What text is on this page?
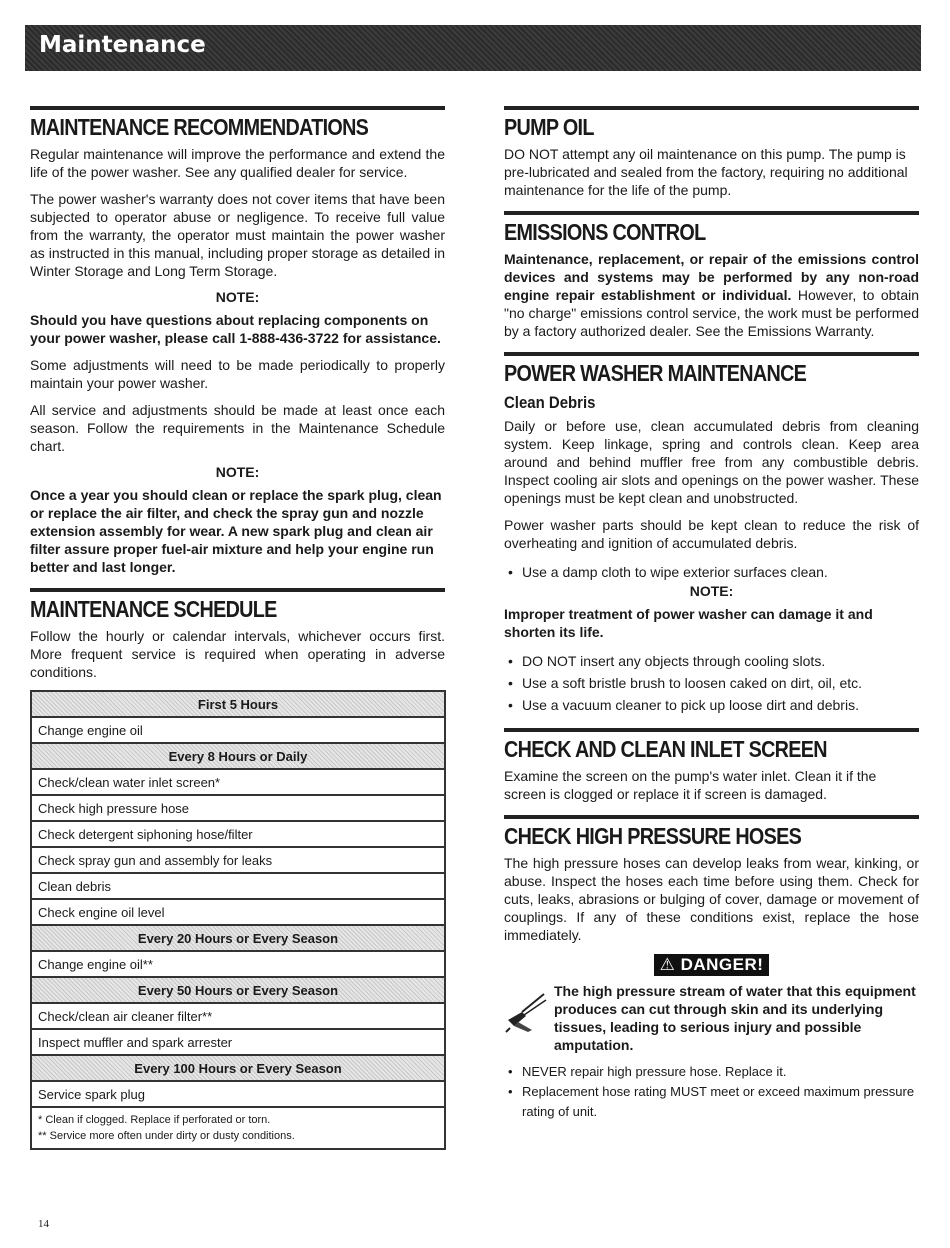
Maintenance
MAINTENANCE RECOMMENDATIONS

Regular maintenance will improve the performance and extend the life of the power washer. See any qualified dealer for service.

The power washer's warranty does not cover items that have been subjected to operator abuse or negligence. To receive full value from the warranty, the operator must maintain the power washer as instructed in this manual, including proper storage as detailed in Winter Storage and Long Term Storage.

NOTE:

Should you have questions about replacing components on your power washer, please call 1-888-436-3722 for assistance.

Some adjustments will need to be made periodically to properly maintain your power washer.

All service and adjustments should be made at least once each season. Follow the requirements in the Maintenance Schedule chart.

NOTE:

Once a year you should clean or replace the spark plug, clean or replace the air filter, and check the spray gun and nozzle extension assembly for wear. A new spark plug and clean air filter assure proper fuel-air mixture and help your engine run better and last longer.

MAINTENANCE SCHEDULE

Follow the hourly or calendar intervals, whichever occurs first. More frequent service is required when operating in adverse conditions.

First 5 Hours
Change engine oil
Every 8 Hours or Daily
Check/clean water inlet screen*
Check high pressure hose
Check detergent siphoning hose/filter
Check spray gun and assembly for leaks
Clean debris
Check engine oil level
Every 20 Hours or Every Season
Change engine oil**
Every 50 Hours or Every Season
Check/clean air cleaner filter**
Inspect muffler and spark arrester
Every 100 Hours or Every Season
Service spark plug

* Clean if clogged. Replace if perforated or torn.
** Service more often under dirty or dusty conditions.
PUMP OIL

DO NOT attempt any oil maintenance on this pump. The pump is pre-lubricated and sealed from the factory, requiring no additional maintenance for the life of the pump.

EMISSIONS CONTROL

Maintenance, replacement, or repair of the emissions control devices and systems may be performed by any non-road engine repair establishment or individual. However, to obtain "no charge" emissions control service, the work must be performed by a factory authorized dealer. See the Emissions Warranty.

POWER WASHER MAINTENANCE
Clean Debris

Daily or before use, clean accumulated debris from cleaning system. Keep linkage, spring and controls clean. Keep area around and behind muffler free from any combustible debris. Inspect cooling air slots and openings on the power washer. These openings must be kept clean and unobstructed.

Power washer parts should be kept clean to reduce the risk of overheating and ignition of accumulated debris.

• Use a damp cloth to wipe exterior surfaces clean.
NOTE:

Improper treatment of power washer can damage it and shorten its life.

• DO NOT insert any objects through cooling slots.
• Use a soft bristle brush to loosen caked on dirt, oil, etc.
• Use a vacuum cleaner to pick up loose dirt and debris.
CHECK AND CLEAN INLET SCREEN

Examine the screen on the pump's water inlet. Clean it if the screen is clogged or replace it if screen is damaged.

CHECK HIGH PRESSURE HOSES

The high pressure hoses can develop leaks from wear, kinking, or abuse. Inspect the hoses each time before using them. Check for cuts, leaks, abrasions or bulging of cover, damage or movement of couplings. If any of these conditions exist, replace the hose immediately.

⚠ DANGER!
The high pressure stream of water that this equipment produces can cut through skin and its underlying tissues, leading to serious injury and possible amputation.
• NEVER repair high pressure hose. Replace it.
• Replacement hose rating MUST meet or exceed maximum pressure rating of unit.
14
